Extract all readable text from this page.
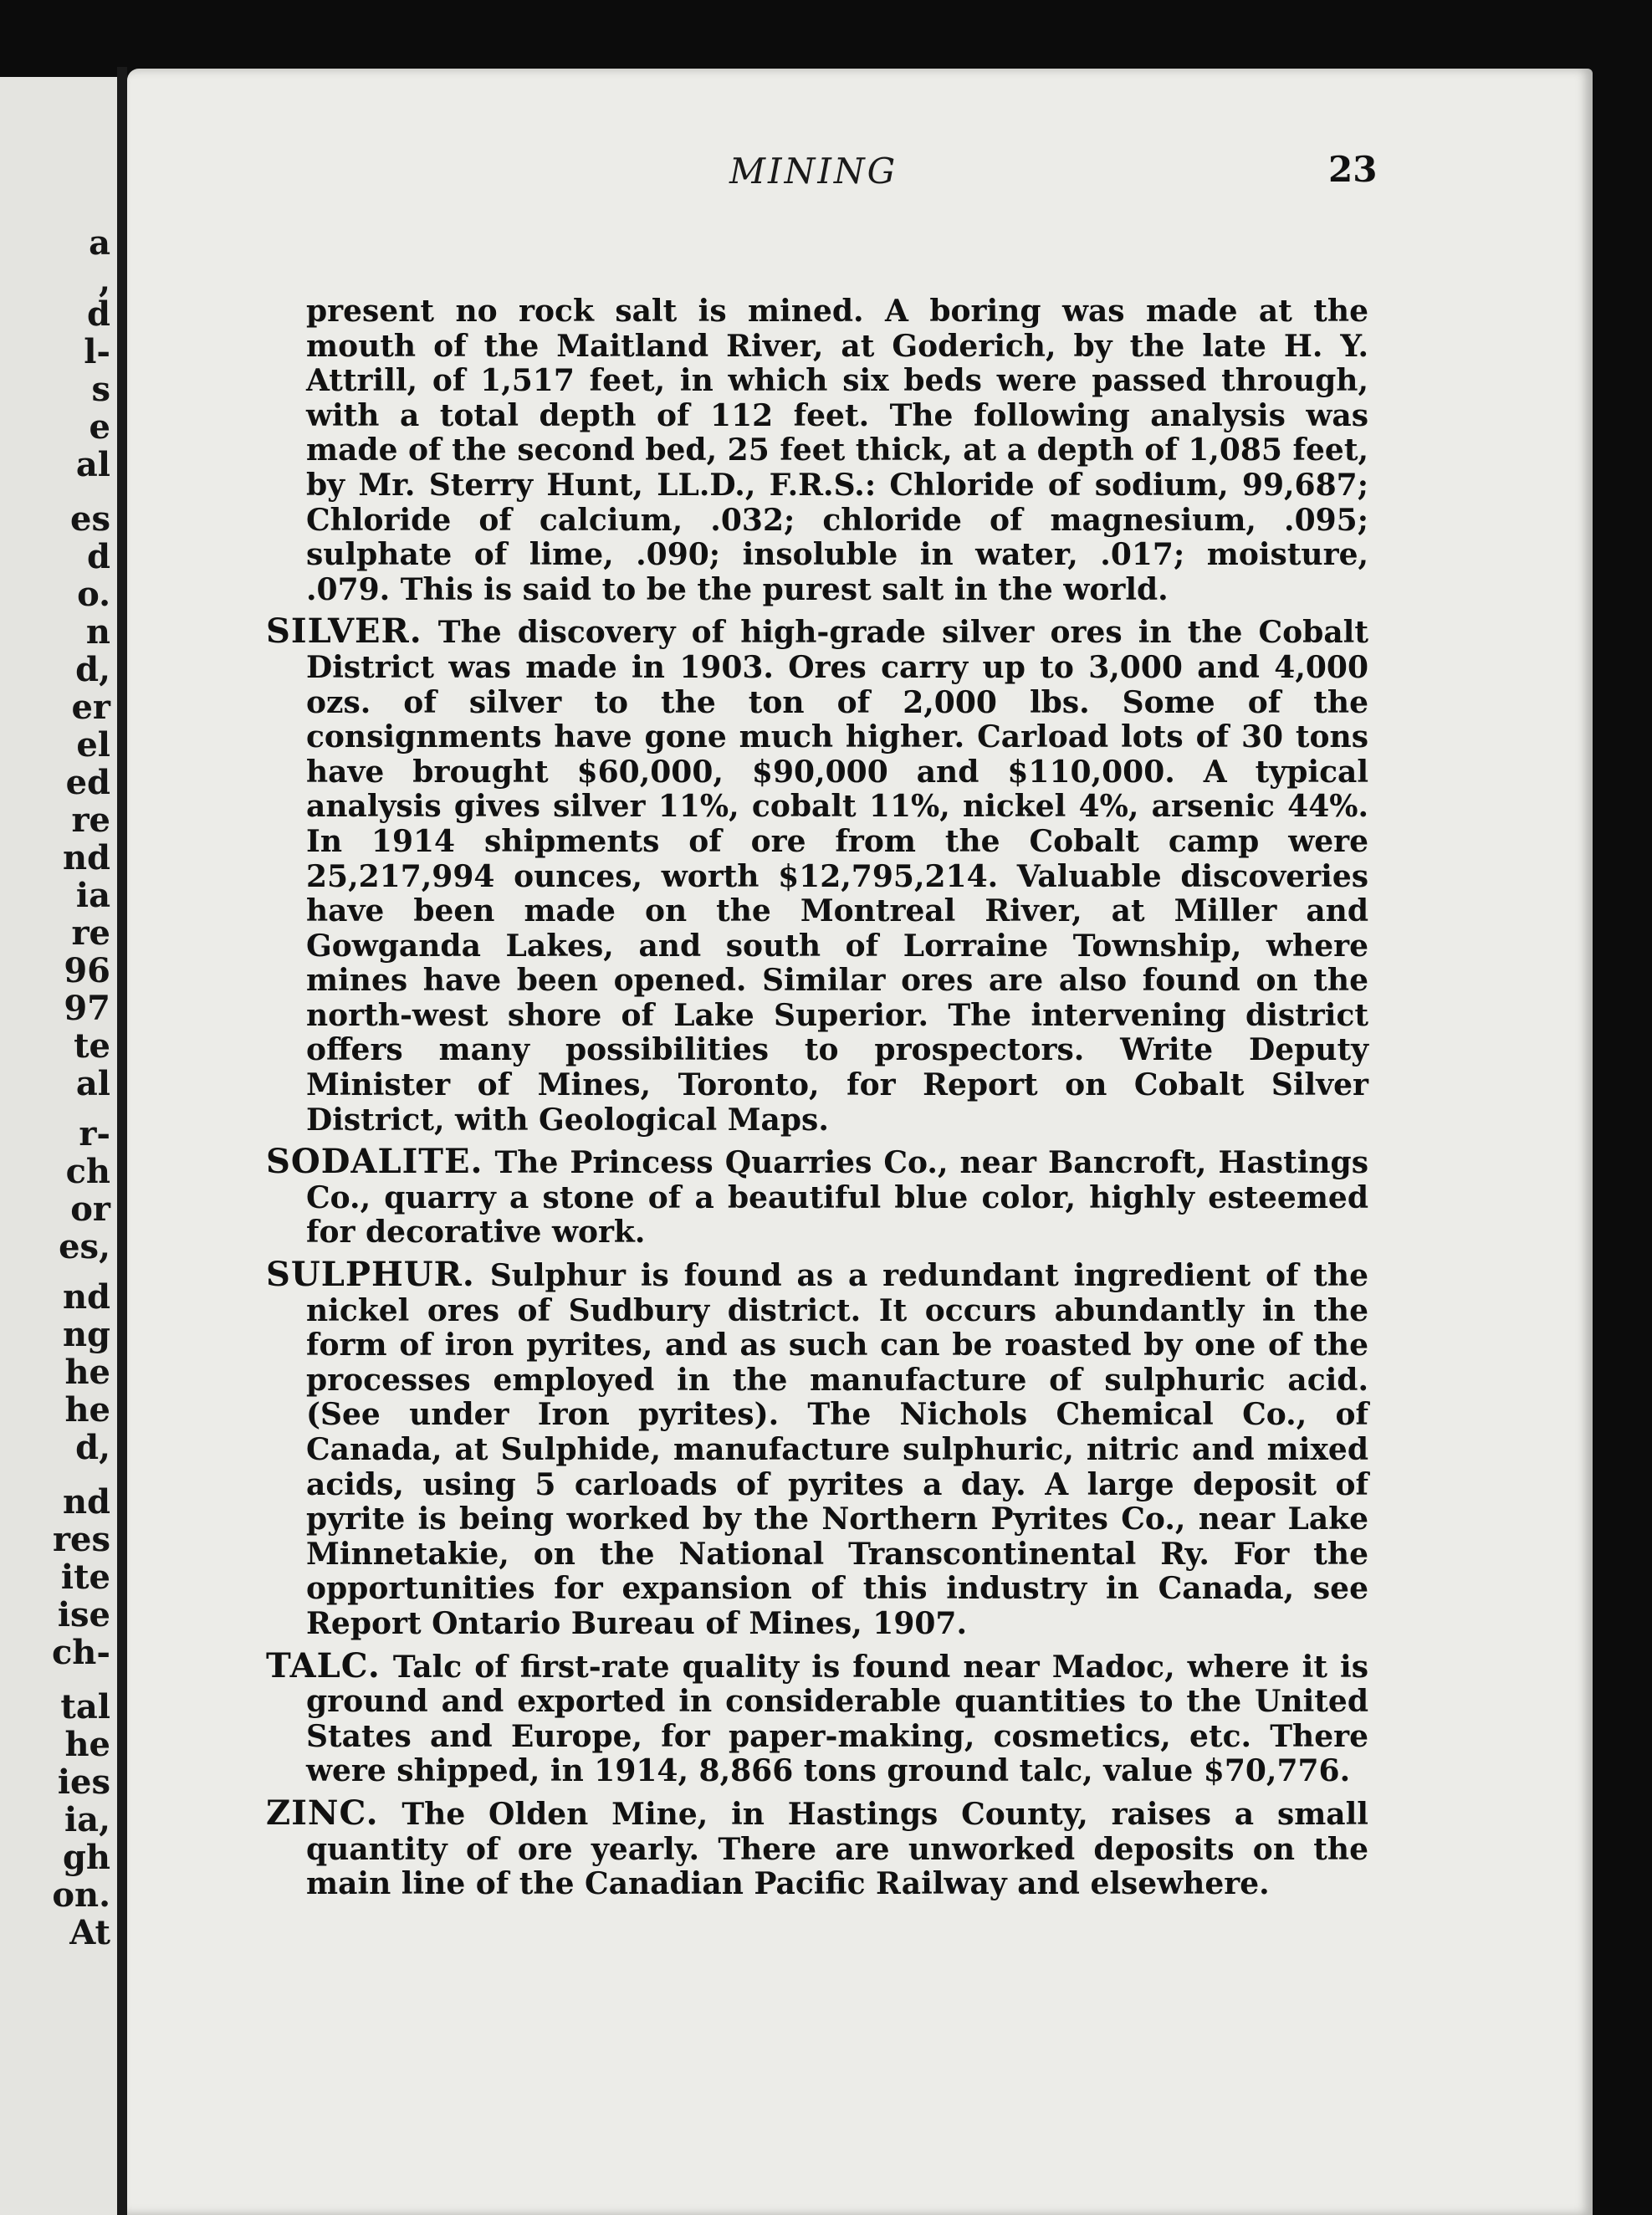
a
,
d
l-
s
e
al
es
d
o.
n
d,
er
el
ed
re
nd
ia
re
96
97
te
al
r-
ch
or
es,
nd
ng
he
he
d,
nd
res
ite
ise
ch-
tal
he
ies
ia,
gh
on.
At
MINING	23

present no rock salt is mined. A boring was made at the mouth of the Maitland River, at Goderich, by the late H. Y. Attrill, of 1,517 feet, in which six beds were passed through, with a total depth of 112 feet. The following analysis was made of the second bed, 25 feet thick, at a depth of 1,085 feet, by Mr. Sterry Hunt, LL.D., F.R.S.: Chloride of sodium, 99,687; Chloride of calcium, .032; chloride of magnesium, .095; sulphate of lime, .090; insoluble in water, .017; moisture, .079. This is said to be the purest salt in the world.

SILVER. The discovery of high-grade silver ores in the Cobalt District was made in 1903. Ores carry up to 3,000 and 4,000 ozs. of silver to the ton of 2,000 lbs. Some of the consignments have gone much higher. Carload lots of 30 tons have brought $60,000, $90,000 and $110,000. A typical analysis gives silver 11%, cobalt 11%, nickel 4%, arsenic 44%. In 1914 shipments of ore from the Cobalt camp were 25,217,994 ounces, worth $12,795,214. Valuable discoveries have been made on the Montreal River, at Miller and Gowganda Lakes, and south of Lorraine Township, where mines have been opened. Similar ores are also found on the north-west shore of Lake Superior. The intervening district offers many possibilities to prospectors. Write Deputy Minister of Mines, Toronto, for Report on Cobalt Silver District, with Geological Maps.

SODALITE. The Princess Quarries Co., near Bancroft, Hastings Co., quarry a stone of a beautiful blue color, highly esteemed for decorative work.

SULPHUR. Sulphur is found as a redundant ingredient of the nickel ores of Sudbury district. It occurs abundantly in the form of iron pyrites, and as such can be roasted by one of the processes employed in the manufacture of sulphuric acid. (See under Iron pyrites). The Nichols Chemical Co., of Canada, at Sulphide, manufacture sulphuric, nitric and mixed acids, using 5 carloads of pyrites a day. A large deposit of pyrite is being worked by the Northern Pyrites Co., near Lake Minnetakie, on the National Transcontinental Ry. For the opportunities for expansion of this industry in Canada, see Report Ontario Bureau of Mines, 1907.

TALC. Talc of first-rate quality is found near Madoc, where it is ground and exported in considerable quantities to the United States and Europe, for paper-making, cosmetics, etc. There were shipped, in 1914, 8,866 tons ground talc, value $70,776.

ZINC. The Olden Mine, in Hastings County, raises a small quantity of ore yearly. There are unworked deposits on the main line of the Canadian Pacific Railway and elsewhere.
